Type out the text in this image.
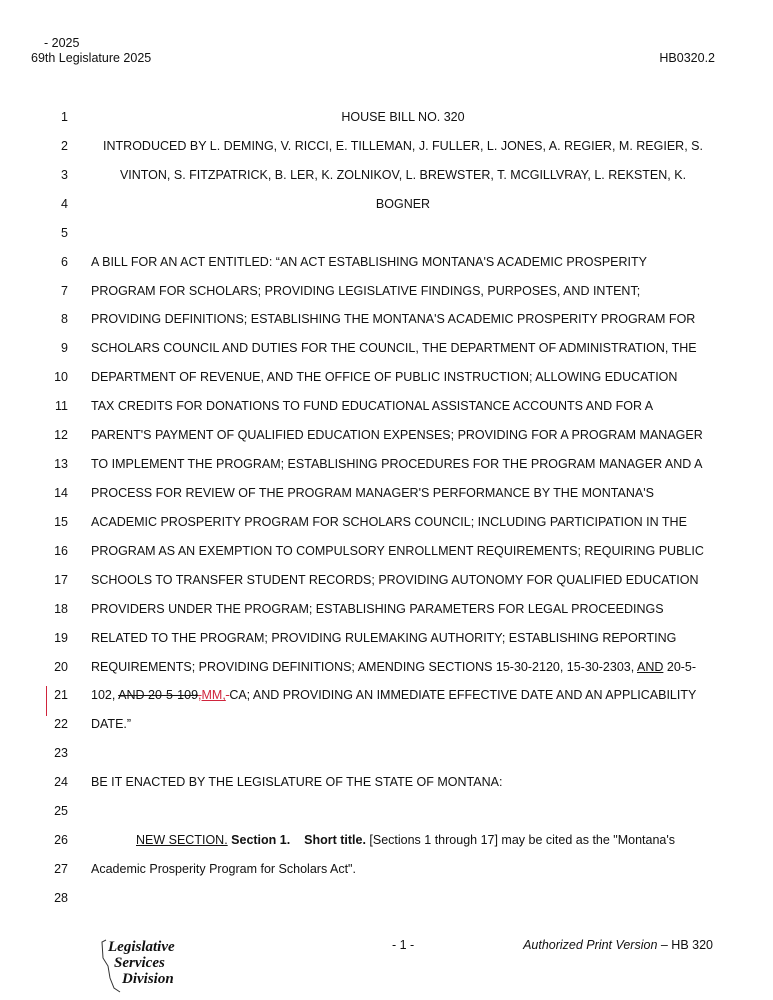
- 2025
69th Legislature 2025	HB0320.2
1	HOUSE BILL NO. 320
2	INTRODUCED BY L. DEMING, V. RICCI, E. TILLEMAN, J. FULLER, L. JONES, A. REGIER, M. REGIER, S.
3	VINTON, S. FITZPATRICK, B. LER, K. ZOLNIKOV, L. BREWSTER, T. MCGILLVRAY, L. REKSTEN, K.
4	BOGNER
5
6 A BILL FOR AN ACT ENTITLED: “AN ACT ESTABLISHING MONTANA'S ACADEMIC PROSPERITY
7 PROGRAM FOR SCHOLARS; PROVIDING LEGISLATIVE FINDINGS, PURPOSES, AND INTENT;
8 PROVIDING DEFINITIONS; ESTABLISHING THE MONTANA'S ACADEMIC PROSPERITY PROGRAM FOR
9 SCHOLARS COUNCIL AND DUTIES FOR THE COUNCIL, THE DEPARTMENT OF ADMINISTRATION, THE
10 DEPARTMENT OF REVENUE, AND THE OFFICE OF PUBLIC INSTRUCTION; ALLOWING EDUCATION
11 TAX CREDITS FOR DONATIONS TO FUND EDUCATIONAL ASSISTANCE ACCOUNTS AND FOR A
12 PARENT'S PAYMENT OF QUALIFIED EDUCATION EXPENSES; PROVIDING FOR A PROGRAM MANAGER
13 TO IMPLEMENT THE PROGRAM; ESTABLISHING PROCEDURES FOR THE PROGRAM MANAGER AND A
14 PROCESS FOR REVIEW OF THE PROGRAM MANAGER'S PERFORMANCE BY THE MONTANA'S
15 ACADEMIC PROSPERITY PROGRAM FOR SCHOLARS COUNCIL; INCLUDING PARTICIPATION IN THE
16 PROGRAM AS AN EXEMPTION TO COMPULSORY ENROLLMENT REQUIREMENTS; REQUIRING PUBLIC
17 SCHOOLS TO TRANSFER STUDENT RECORDS; PROVIDING AUTONOMY FOR QUALIFIED EDUCATION
18 PROVIDERS UNDER THE PROGRAM; ESTABLISHING PARAMETERS FOR LEGAL PROCEEDINGS
19 RELATED TO THE PROGRAM; PROVIDING RULEMAKING AUTHORITY; ESTABLISHING REPORTING
20 REQUIREMENTS; PROVIDING DEFINITIONS; AMENDING SECTIONS 15-30-2120, 15-30-2303, AND 20-5-
21 102, AND 20-5-109,MM, CA; AND PROVIDING AN IMMEDIATE EFFECTIVE DATE AND AN APPLICABILITY
22 DATE.”
23
24 BE IT ENACTED BY THE LEGISLATURE OF THE STATE OF MONTANA:
25
26	NEW SECTION. Section 1. Short title. [Sections 1 through 17] may be cited as the "Montana's
27 Academic Prosperity Program for Scholars Act".
28
Legislative
Services
Division
- 1 -	Authorized Print Version – HB 320
